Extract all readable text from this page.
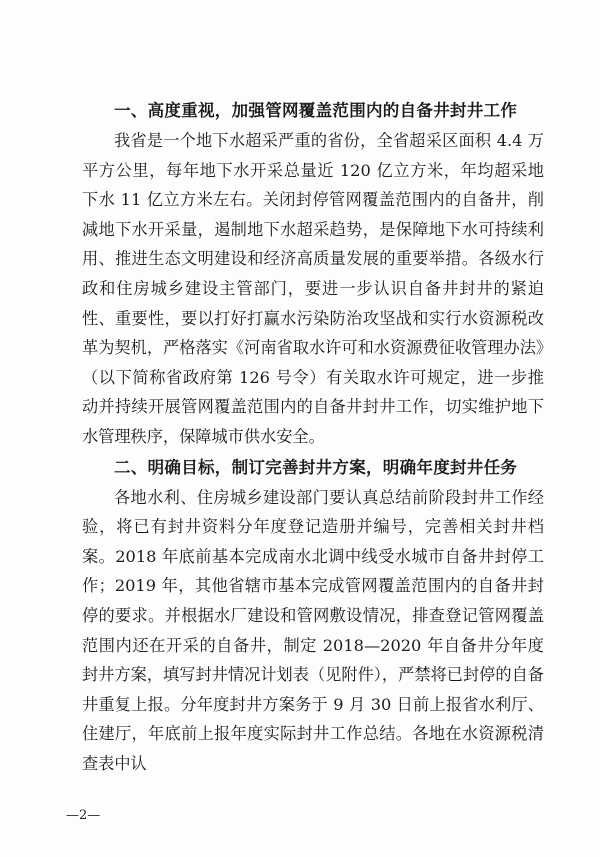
一、高度重视，加强管网覆盖范围内的自备井封井工作

我省是一个地下水超采严重的省份，全省超采区面积 4.4 万平方公里，每年地下水开采总量近 120 亿立方米，年均超采地下水 11 亿立方米左右。关闭封停管网覆盖范围内的自备井，削减地下水开采量，遏制地下水超采趋势，是保障地下水可持续利用、推进生态文明建设和经济高质量发展的重要举措。各级水行政和住房城乡建设主管部门，要进一步认识自备井封井的紧迫性、重要性，要以打好打赢水污染防治攻坚战和实行水资源税改革为契机，严格落实《河南省取水许可和水资源费征收管理办法》（以下简称省政府第 126 号令）有关取水许可规定，进一步推动并持续开展管网覆盖范围内的自备井封井工作，切实维护地下水管理秩序，保障城市供水安全。

二、明确目标，制订完善封井方案，明确年度封井任务

各地水利、住房城乡建设部门要认真总结前阶段封井工作经验，将已有封井资料分年度登记造册并编号，完善相关封井档案。2018 年底前基本完成南水北调中线受水城市自备井封停工作；2019 年，其他省辖市基本完成管网覆盖范围内的自备井封停的要求。并根据水厂建设和管网敷设情况，排查登记管网覆盖范围内还在开采的自备井，制定 2018—2020 年自备井分年度封井方案，填写封井情况计划表（见附件），严禁将已封停的自备井重复上报。分年度封井方案务于 9 月 30 日前上报省水利厅、住建厅，年底前上报年度实际封井工作总结。各地在水资源税清查表中认

—2—
